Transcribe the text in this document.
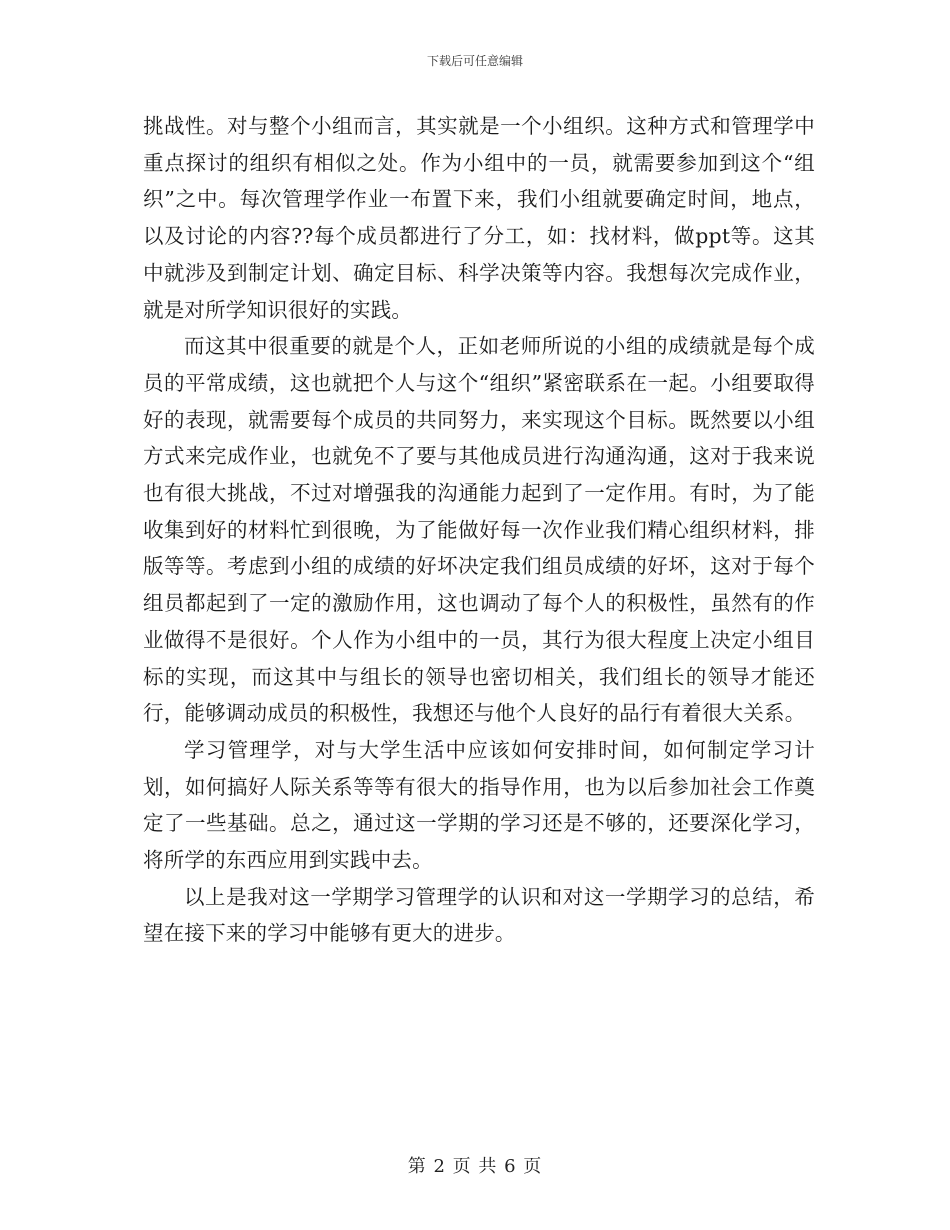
下载后可任意编辑

挑战性。对与整个小组而言，其实就是一个小组织。这种方式和管理学中重点探讨的组织有相似之处。作为小组中的一员，就需要参加到这个“组织”之中。每次管理学作业一布置下来，我们小组就要确定时间，地点，以及讨论的内容??每个成员都进行了分工，如：找材料，做ppt等。这其中就涉及到制定计划、确定目标、科学决策等内容。我想每次完成作业，就是对所学知识很好的实践。

而这其中很重要的就是个人，正如老师所说的小组的成绩就是每个成员的平常成绩，这也就把个人与这个“组织”紧密联系在一起。小组要取得好的表现，就需要每个成员的共同努力，来实现这个目标。既然要以小组方式来完成作业，也就免不了要与其他成员进行沟通沟通，这对于我来说也有很大挑战，不过对增强我的沟通能力起到了一定作用。有时，为了能收集到好的材料忙到很晚，为了能做好每一次作业我们精心组织材料，排版等等。考虑到小组的成绩的好坏决定我们组员成绩的好坏，这对于每个组员都起到了一定的激励作用，这也调动了每个人的积极性，虽然有的作业做得不是很好。个人作为小组中的一员，其行为很大程度上决定小组目标的实现，而这其中与组长的领导也密切相关，我们组长的领导才能还行，能够调动成员的积极性，我想还与他个人良好的品行有着很大关系。

学习管理学，对与大学生活中应该如何安排时间，如何制定学习计划，如何搞好人际关系等等有很大的指导作用，也为以后参加社会工作奠定了一些基础。总之，通过这一学期的学习还是不够的，还要深化学习，将所学的东西应用到实践中去。

以上是我对这一学期学习管理学的认识和对这一学期学习的总结，希望在接下来的学习中能够有更大的进步。

第 2 页 共 6 页
